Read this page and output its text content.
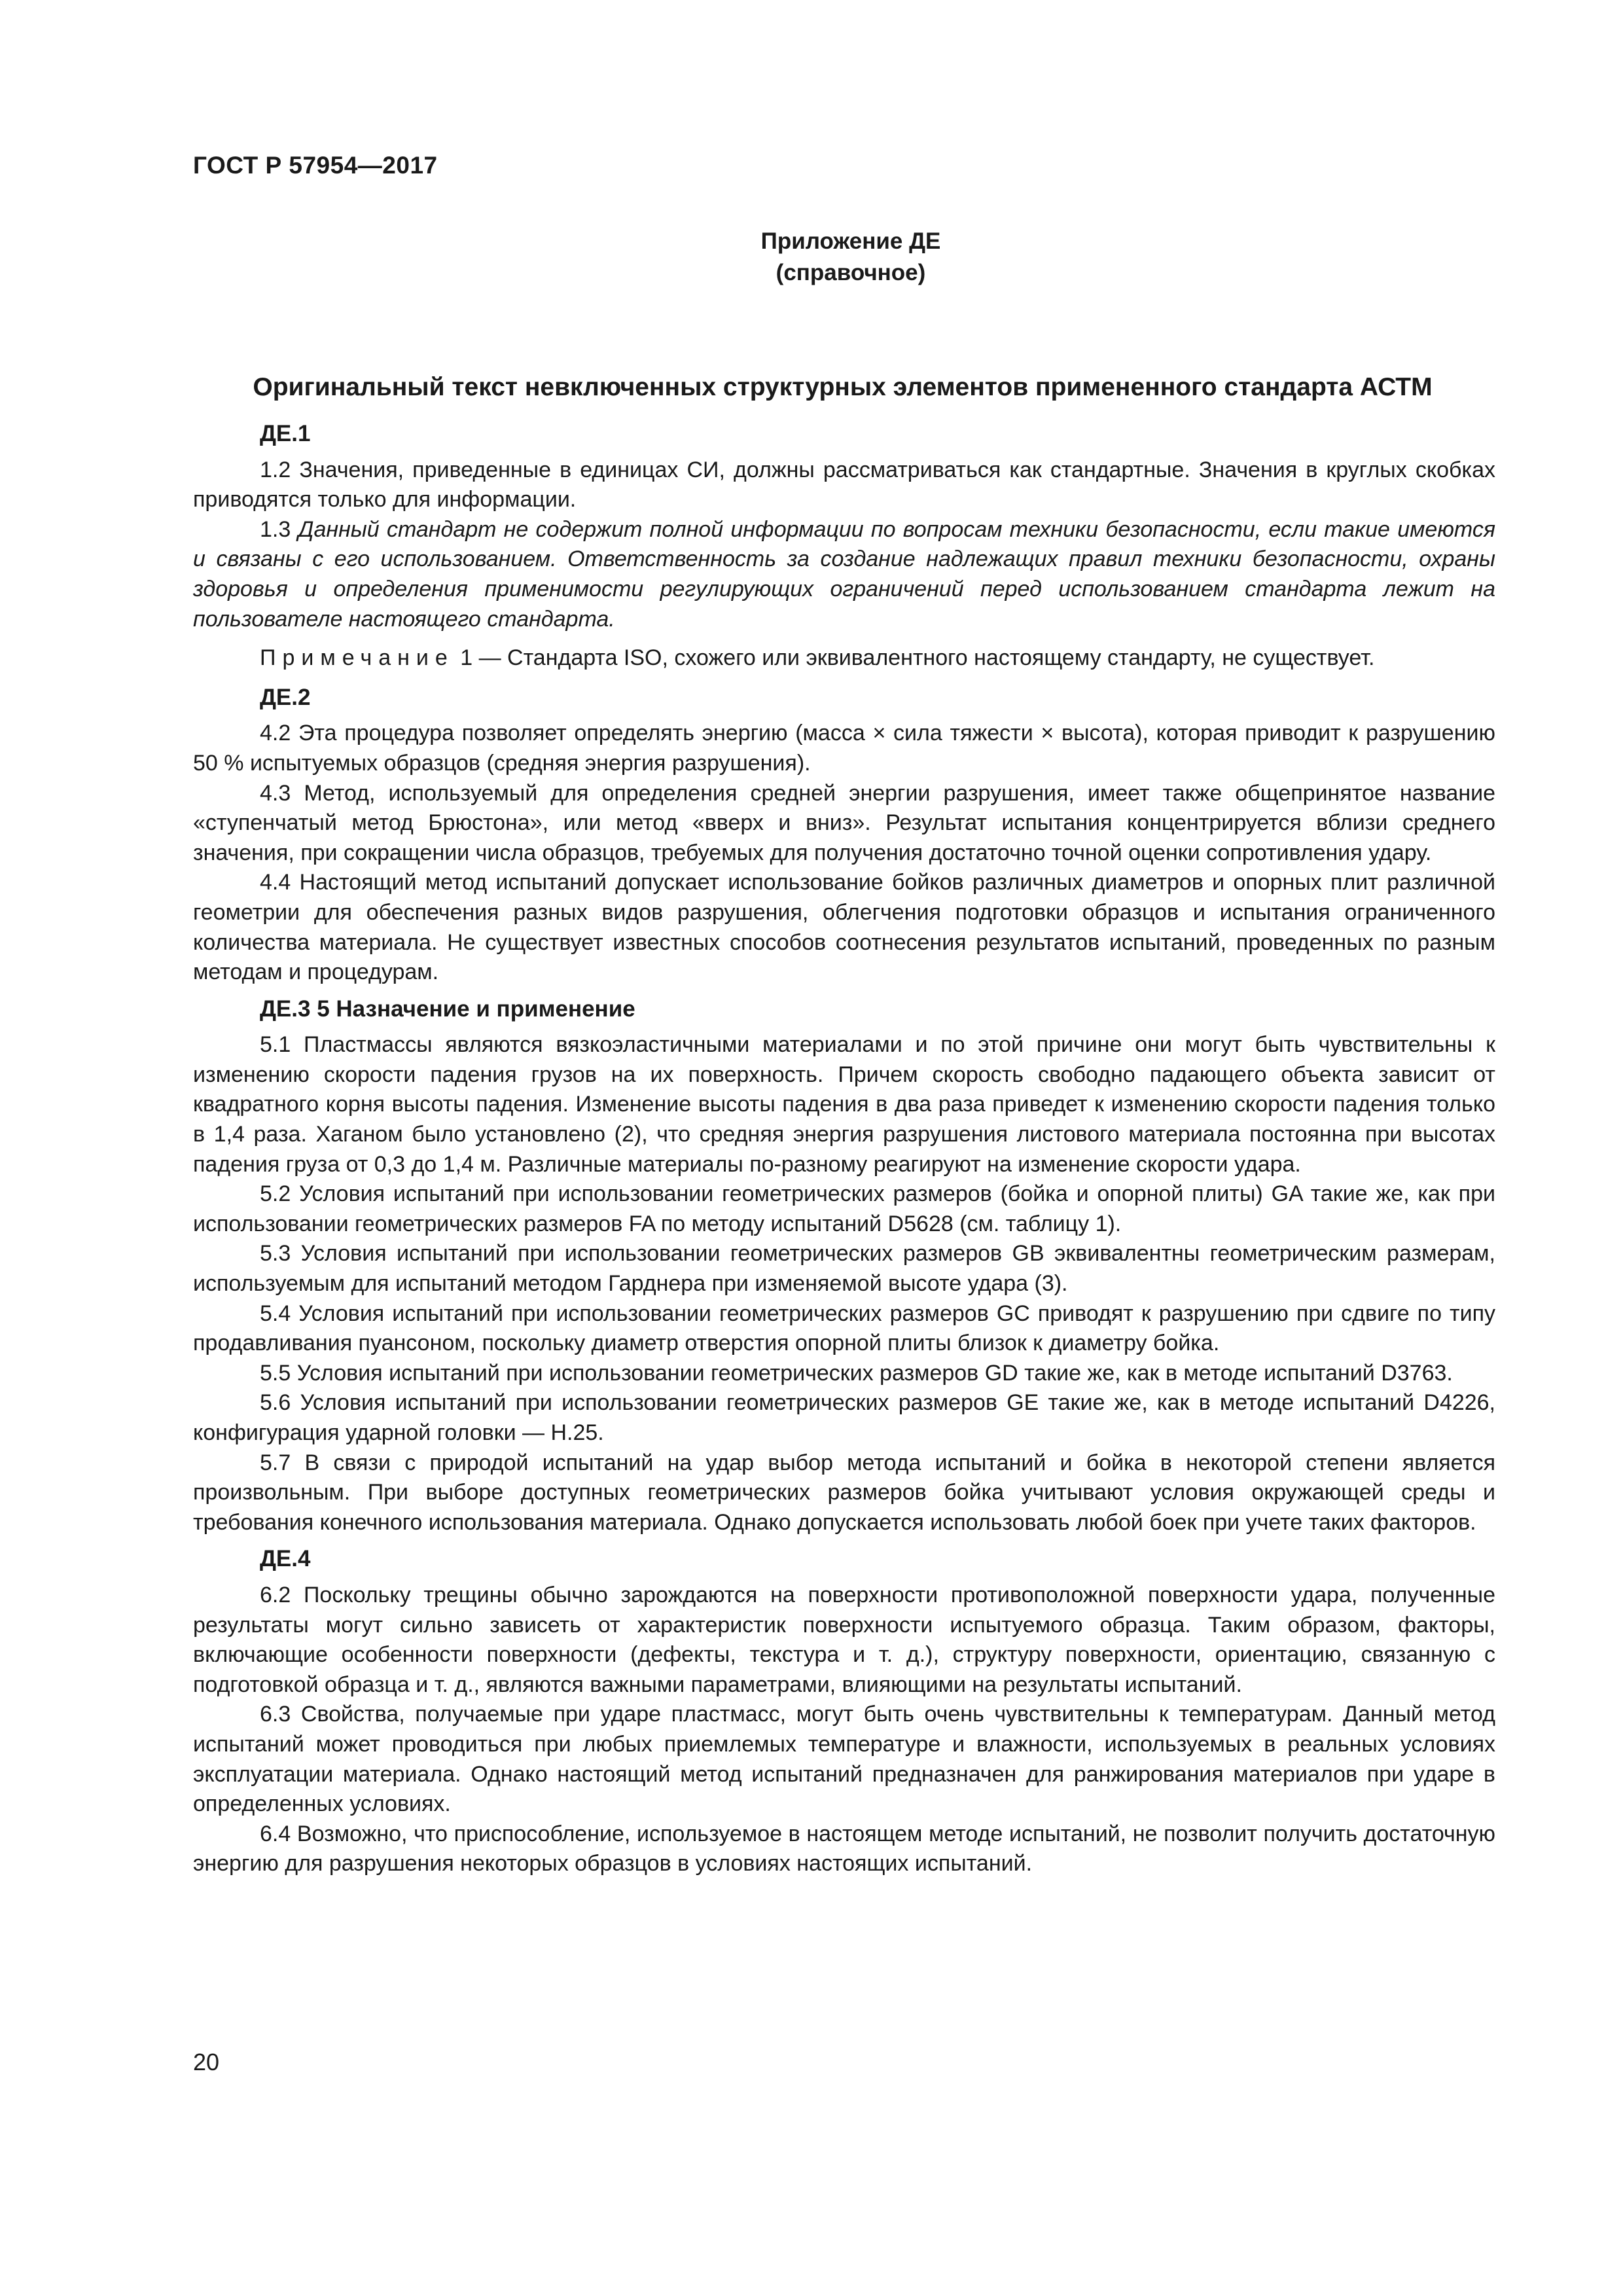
ГОСТ Р 57954—2017
Приложение ДЕ
(справочное)
Оригинальный текст невключенных структурных элементов примененного стандарта АСТМ
ДЕ.1

1.2 Значения, приведенные в единицах СИ, должны рассматриваться как стандартные. Значения в круглых скобках приводятся только для информации.

1.3 Данный стандарт не содержит полной информации по вопросам техники безопасности, если такие имеются и связаны с его использованием. Ответственность за создание надлежащих правил техники безопасности, охраны здоровья и определения применимости регулирующих ограничений перед использованием стандарта лежит на пользователе настоящего стандарта.

Примечание 1 — Стандарта ISO, схожего или эквивалентного настоящему стандарту, не существует.

ДЕ.2

4.2 Эта процедура позволяет определять энергию (масса × сила тяжести × высота), которая приводит к разрушению 50 % испытуемых образцов (средняя энергия разрушения).

4.3 Метод, используемый для определения средней энергии разрушения, имеет также общепринятое название «ступенчатый метод Брюстона», или метод «вверх и вниз». Результат испытания концентрируется вблизи среднего значения, при сокращении числа образцов, требуемых для получения достаточно точной оценки сопротивления удару.

4.4 Настоящий метод испытаний допускает использование бойков различных диаметров и опорных плит различной геометрии для обеспечения разных видов разрушения, облегчения подготовки образцов и испытания ограниченного количества материала. Не существует известных способов соотнесения результатов испытаний, проведенных по разным методам и процедурам.

ДЕ.3 5 Назначение и применение

5.1 Пластмассы являются вязкоэластичными материалами и по этой причине они могут быть чувствительны к изменению скорости падения грузов на их поверхность. Причем скорость свободно падающего объекта зависит от квадратного корня высоты падения. Изменение высоты падения в два раза приведет к изменению скорости падения только в 1,4 раза. Хаганом было установлено (2), что средняя энергия разрушения листового материала постоянна при высотах падения груза от 0,3 до 1,4 м. Различные материалы по-разному реагируют на изменение скорости удара.

5.2 Условия испытаний при использовании геометрических размеров (бойка и опорной плиты) GA такие же, как при использовании геометрических размеров FA по методу испытаний D5628 (см. таблицу 1).

5.3 Условия испытаний при использовании геометрических размеров GB эквивалентны геометрическим размерам, используемым для испытаний методом Гарднера при изменяемой высоте удара (3).

5.4 Условия испытаний при использовании геометрических размеров GC приводят к разрушению при сдвиге по типу продавливания пуансоном, поскольку диаметр отверстия опорной плиты близок к диаметру бойка.

5.5 Условия испытаний при использовании геометрических размеров GD такие же, как в методе испытаний D3763.

5.6 Условия испытаний при использовании геометрических размеров GE такие же, как в методе испытаний D4226, конфигурация ударной головки — H.25.

5.7 В связи с природой испытаний на удар выбор метода испытаний и бойка в некоторой степени является произвольным. При выборе доступных геометрических размеров бойка учитывают условия окружающей среды и требования конечного использования материала. Однако допускается использовать любой боек при учете таких факторов.

ДЕ.4

6.2 Поскольку трещины обычно зарождаются на поверхности противоположной поверхности удара, полученные результаты могут сильно зависеть от характеристик поверхности испытуемого образца. Таким образом, факторы, включающие особенности поверхности (дефекты, текстура и т. д.), структуру поверхности, ориентацию, связанную с подготовкой образца и т. д., являются важными параметрами, влияющими на результаты испытаний.

6.3 Свойства, получаемые при ударе пластмасс, могут быть очень чувствительны к температурам. Данный метод испытаний может проводиться при любых приемлемых температуре и влажности, используемых в реальных условиях эксплуатации материала. Однако настоящий метод испытаний предназначен для ранжирования материалов при ударе в определенных условиях.

6.4 Возможно, что приспособление, используемое в настоящем методе испытаний, не позволит получить достаточную энергию для разрушения некоторых образцов в условиях настоящих испытаний.

20
